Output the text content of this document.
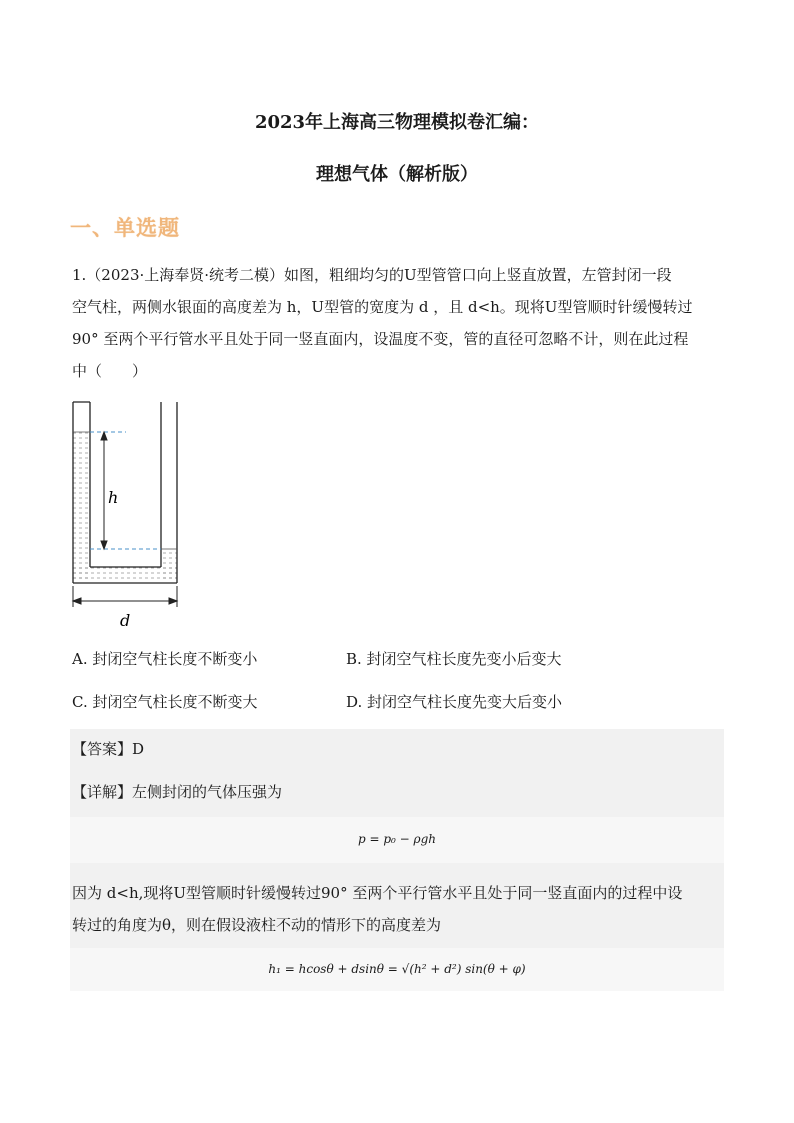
2023年上海高三物理模拟卷汇编：
理想气体（解析版）
一、单选题
1.（2023·上海奉贤·统考二模）如图，粗细均匀的U型管管口向上竖直放置，左管封闭一段
空气柱，两侧水银面的高度差为 h，U型管的宽度为 d ，且 d<h。现将U型管顺时针缓慢转过
90° 至两个平行管水平且处于同一竖直面内，设温度不变，管的直径可忽略不计，则在此过程
中（　　）
h
d
A. 封闭空气柱长度不断变小	B. 封闭空气柱长度先变小后变大
C. 封闭空气柱长度不断变大	D. 封闭空气柱长度先变大后变小
【答案】D
【详解】左侧封闭的气体压强为
p = p₀ − ρgh
因为 d<h,现将U型管顺时针缓慢转过90° 至两个平行管水平且处于同一竖直面内的过程中设
转过的角度为θ，则在假设液柱不动的情形下的高度差为
h₁ = hcosθ + dsinθ = √(h² + d²) sin(θ + φ)
